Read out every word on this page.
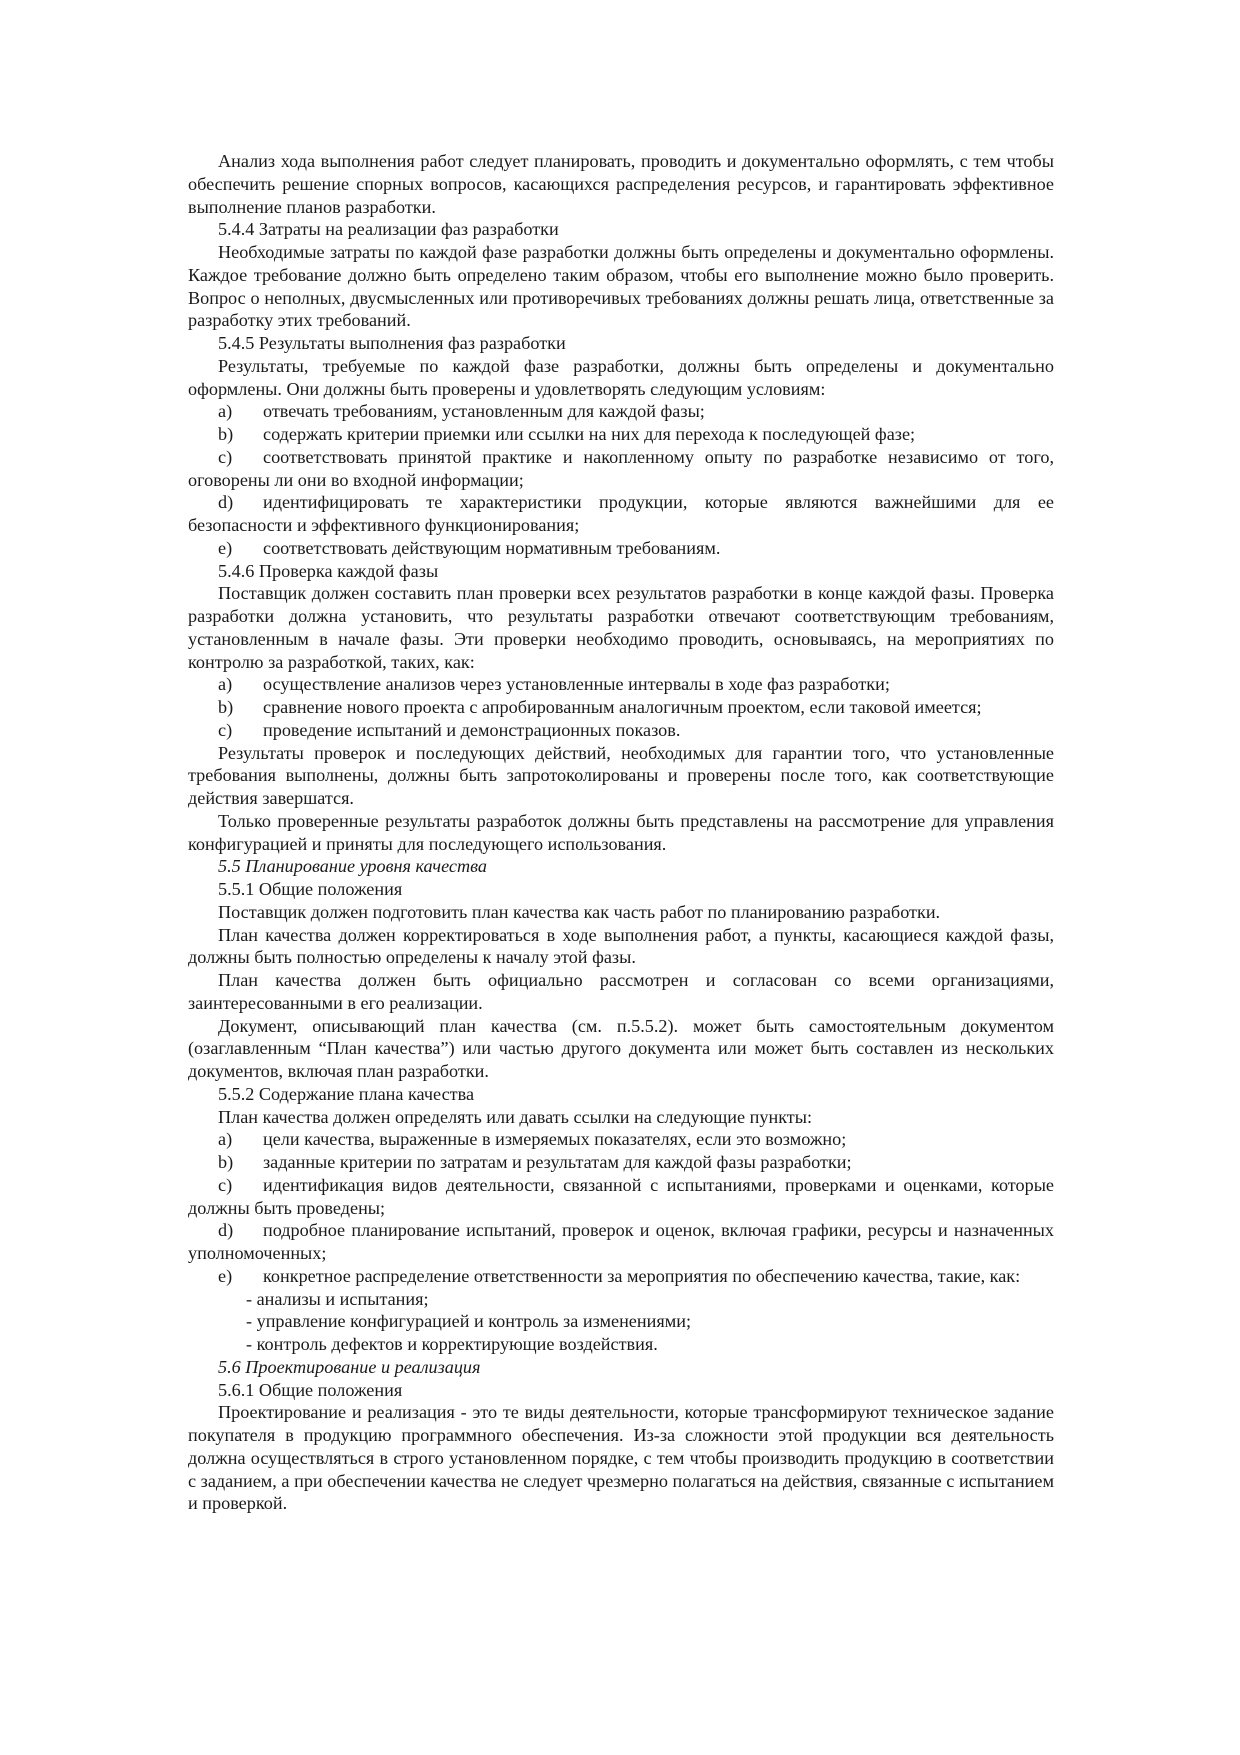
Анализ хода выполнения работ следует планировать, проводить и документально оформлять, с тем чтобы обеспечить решение спорных вопросов, касающихся распределения ресурсов, и гарантировать эффективное выполнение планов разработки.

5.4.4 Затраты на реализации фаз разработки

Необходимые затраты по каждой фазе разработки должны быть определены и документально оформлены. Каждое требование должно быть определено таким образом, чтобы его выполнение можно было проверить. Вопрос о неполных, двусмысленных или противоречивых требованиях должны решать лица, ответственные за разработку этих требований.

5.4.5 Результаты выполнения фаз разработки

Результаты, требуемые по каждой фазе разработки, должны быть определены и документально оформлены. Они должны быть проверены и удовлетворять следующим условиям:

a) отвечать требованиям, установленным для каждой фазы;

b) содержать критерии приемки или ссылки на них для перехода к последующей фазе;

c) соответствовать принятой практике и накопленному опыту по разработке независимо от того, оговорены ли они во входной информации;

d) идентифицировать те характеристики продукции, которые являются важнейшими для ее безопасности и эффективного функционирования;

e) соответствовать действующим нормативным требованиям.

5.4.6 Проверка каждой фазы

Поставщик должен составить план проверки всех результатов разработки в конце каждой фазы. Проверка разработки должна установить, что результаты разработки отвечают соответствующим требованиям, установленным в начале фазы. Эти проверки необходимо проводить, основываясь, на мероприятиях по контролю за разработкой, таких, как:

a) осуществление анализов через установленные интервалы в ходе фаз разработки;

b) сравнение нового проекта с апробированным аналогичным проектом, если таковой имеется;

c) проведение испытаний и демонстрационных показов.

Результаты проверок и последующих действий, необходимых для гарантии того, что установленные требования выполнены, должны быть запротоколированы и проверены после того, как соответствующие действия завершатся.

Только проверенные результаты разработок должны быть представлены на рассмотрение для управления конфигурацией и приняты для последующего использования.

5.5 Планирование уровня качества

5.5.1 Общие положения

Поставщик должен подготовить план качества как часть работ по планированию разработки.

План качества должен корректироваться в ходе выполнения работ, а пункты, касающиеся каждой фазы, должны быть полностью определены к началу этой фазы.

План качества должен быть официально рассмотрен и согласован со всеми организациями, заинтересованными в его реализации.

Документ, описывающий план качества (см. п.5.5.2). может быть самостоятельным документом (озаглавленным “План качества”) или частью другого документа или может быть составлен из нескольких документов, включая план разработки.

5.5.2 Содержание плана качества

План качества должен определять или давать ссылки на следующие пункты:

a) цели качества, выраженные в измеряемых показателях, если это возможно;

b) заданные критерии по затратам и результатам для каждой фазы разработки;

c) идентификация видов деятельности, связанной с испытаниями, проверками и оценками, которые должны быть проведены;

d) подробное планирование испытаний, проверок и оценок, включая графики, ресурсы и назначенных уполномоченных;

e) конкретное распределение ответственности за мероприятия по обеспечению качества, такие, как:

- анализы и испытания;

- управление конфигурацией и контроль за изменениями;

- контроль дефектов и корректирующие воздействия.

5.6 Проектирование и реализация

5.6.1 Общие положения

Проектирование и реализация - это те виды деятельности, которые трансформируют техническое задание покупателя в продукцию программного обеспечения. Из-за сложности этой продукции вся деятельность должна осуществляться в строго установленном порядке, с тем чтобы производить продукцию в соответствии с заданием, а при обеспечении качества не следует чрезмерно полагаться на действия, связанные с испытанием и проверкой.
